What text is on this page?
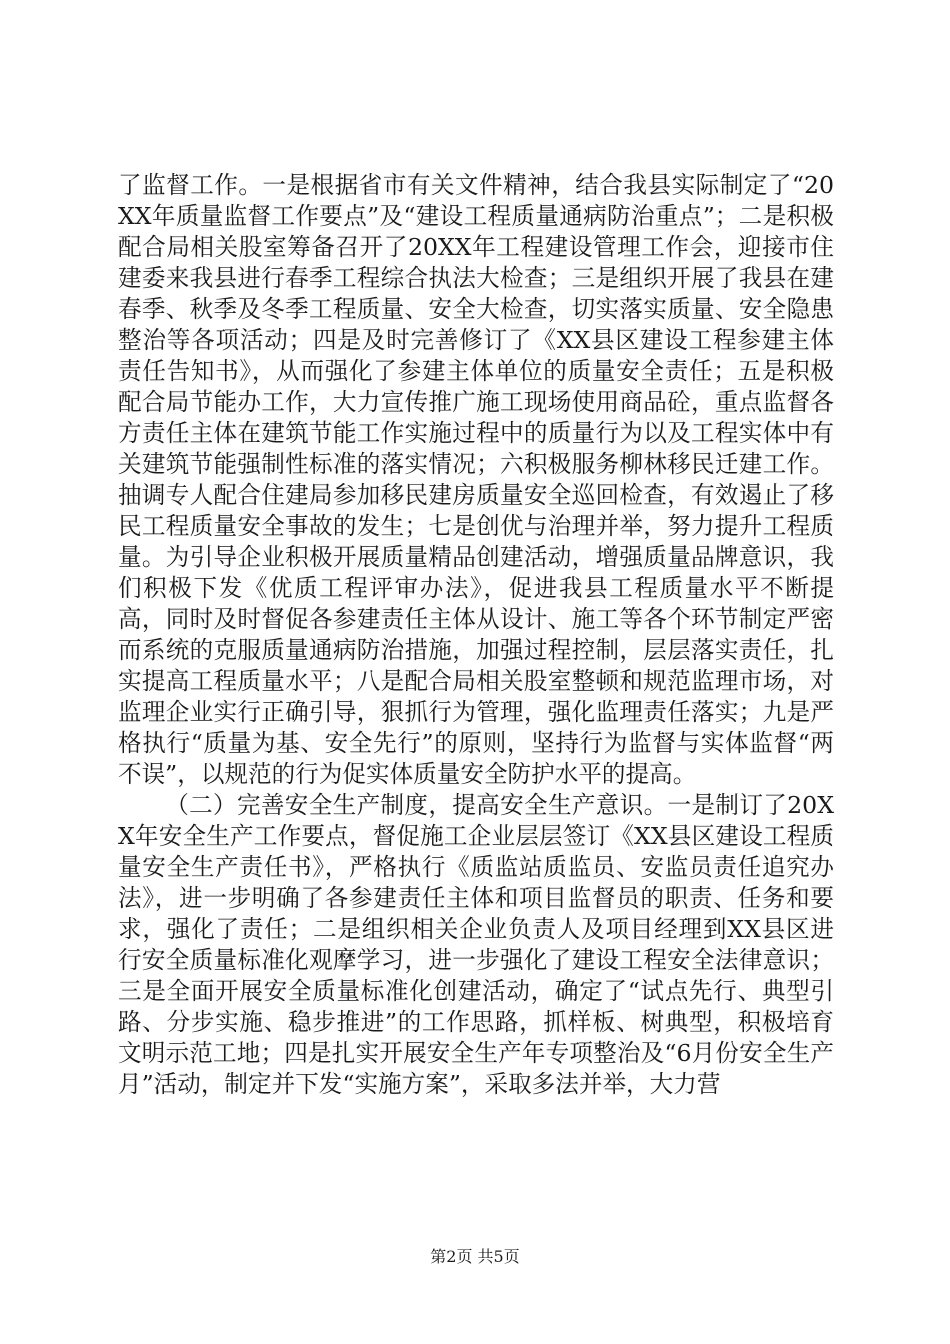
了监督工作。一是根据省市有关文件精神，结合我县实际制定了“20XX年质量监督工作要点”及“建设工程质量通病防治重点”；二是积极配合局相关股室筹备召开了20XX年工程建设管理工作会，迎接市住建委来我县进行春季工程综合执法大检查；三是组织开展了我县在建春季、秋季及冬季工程质量、安全大检查，切实落实质量、安全隐患整治等各项活动；四是及时完善修订了《XX县区建设工程参建主体责任告知书》，从而强化了参建主体单位的质量安全责任；五是积极配合局节能办工作，大力宣传推广施工现场使用商品砼，重点监督各方责任主体在建筑节能工作实施过程中的质量行为以及工程实体中有关建筑节能强制性标准的落实情况；六积极服务柳林移民迁建工作。抽调专人配合住建局参加移民建房质量安全巡回检查，有效遏止了移民工程质量安全事故的发生；七是创优与治理并举，努力提升工程质量。为引导企业积极开展质量精品创建活动，增强质量品牌意识，我们积极下发《优质工程评审办法》，促进我县工程质量水平不断提高，同时及时督促各参建责任主体从设计、施工等各个环节制定严密而系统的克服质量通病防治措施，加强过程控制，层层落实责任，扎实提高工程质量水平；八是配合局相关股室整顿和规范监理市场，对监理企业实行正确引导，狠抓行为管理，强化监理责任落实；九是严格执行“质量为基、安全先行”的原则，坚持行为监督与实体监督“两不误”，以规范的行为促实体质量安全防护水平的提高。

（二）完善安全生产制度，提高安全生产意识。一是制订了20XX年安全生产工作要点，督促施工企业层层签订《XX县区建设工程质量安全生产责任书》，严格执行《质监站质监员、安监员责任追究办法》，进一步明确了各参建责任主体和项目监督员的职责、任务和要求，强化了责任；二是组织相关企业负责人及项目经理到XX县区进行安全质量标准化观摩学习，进一步强化了建设工程安全法律意识；三是全面开展安全质量标准化创建活动，确定了“试点先行、典型引路、分步实施、稳步推进”的工作思路，抓样板、树典型，积极培育文明示范工地；四是扎实开展安全生产年专项整治及“6月份安全生产月”活动，制定并下发“实施方案”，采取多法并举，大力营

第2页 共5页
